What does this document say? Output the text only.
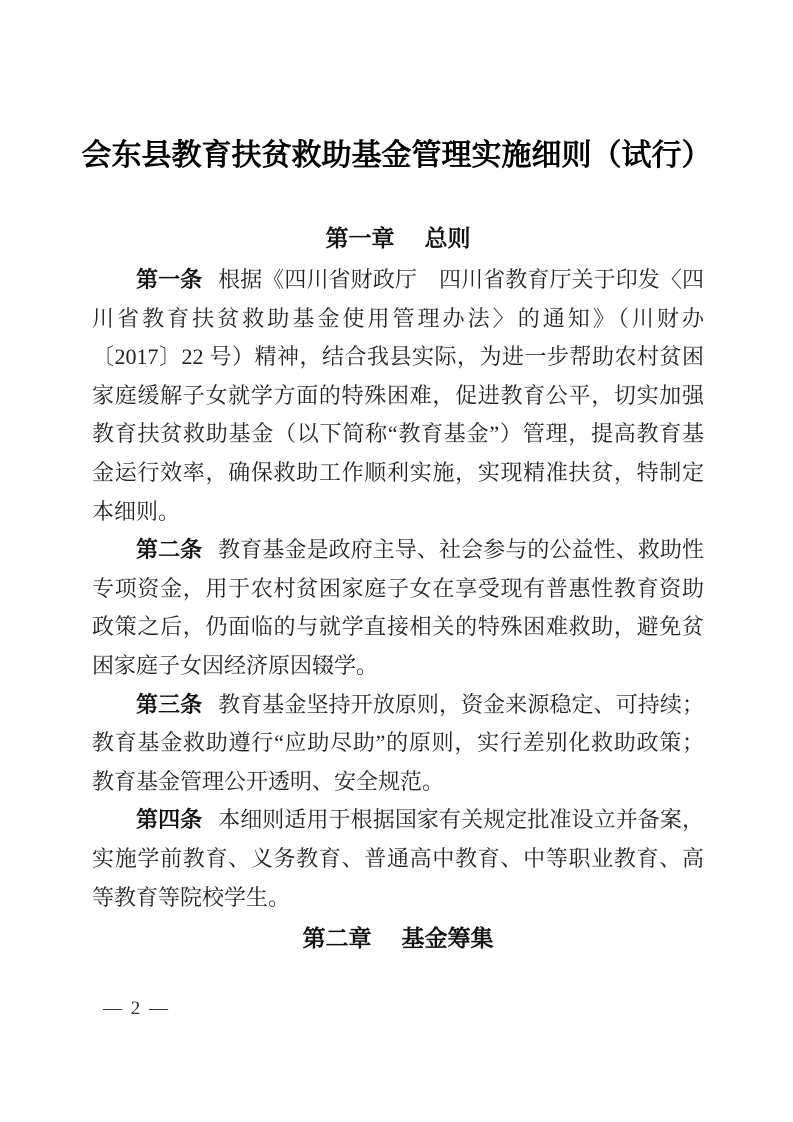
会东县教育扶贫救助基金管理实施细则（试行）
第一章 总则

第一条 根据《四川省财政厅　四川省教育厅关于印发〈四川省教育扶贫救助基金使用管理办法〉的通知》（川财办〔2017〕22 号）精神，结合我县实际，为进一步帮助农村贫困家庭缓解子女就学方面的特殊困难，促进教育公平，切实加强教育扶贫救助基金（以下简称“教育基金”）管理，提高教育基金运行效率，确保救助工作顺利实施，实现精准扶贫，特制定本细则。

第二条 教育基金是政府主导、社会参与的公益性、救助性专项资金，用于农村贫困家庭子女在享受现有普惠性教育资助政策之后，仍面临的与就学直接相关的特殊困难救助，避免贫困家庭子女因经济原因辍学。

第三条 教育基金坚持开放原则，资金来源稳定、可持续；教育基金救助遵行“应助尽助”的原则，实行差别化救助政策；教育基金管理公开透明、安全规范。

第四条 本细则适用于根据国家有关规定批准设立并备案，实施学前教育、义务教育、普通高中教育、中等职业教育、高等教育等院校学生。

第二章 基金筹集
— 2 —
